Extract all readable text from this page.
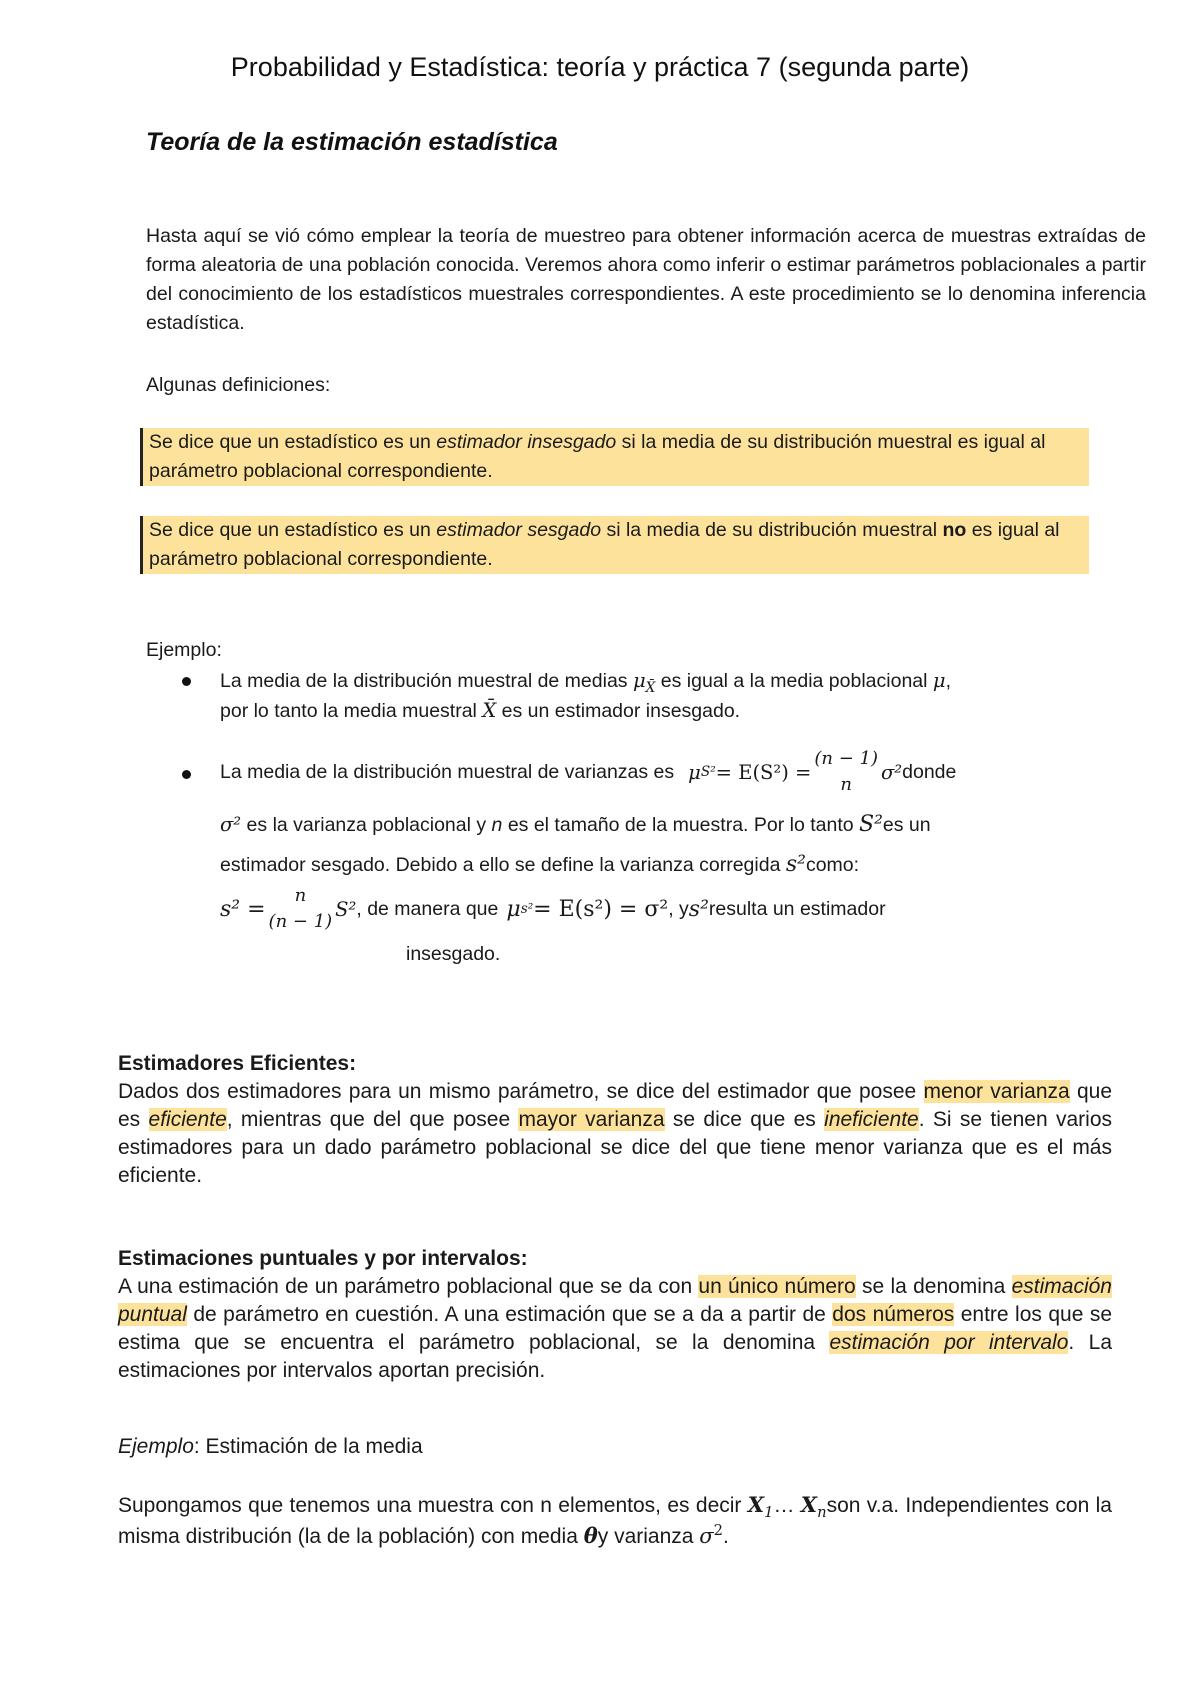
Probabilidad y Estadística: teoría y práctica 7 (segunda parte)
Teoría de la estimación estadística
Hasta aquí se vió cómo emplear la teoría de muestreo para obtener información acerca de muestras extraídas de forma aleatoria de una población conocida. Veremos ahora como inferir o estimar parámetros poblacionales a partir del conocimiento de los estadísticos muestrales correspondientes. A este procedimiento se lo denomina inferencia estadística.
Algunas definiciones:
Se dice que un estadístico es un estimador insesgado si la media de su distribución muestral es igual al parámetro poblacional correspondiente.
Se dice que un estadístico es un estimador sesgado si la media de su distribución muestral no es igual al parámetro poblacional correspondiente.
Ejemplo:
La media de la distribución muestral de medias $\mu_{X̄}$ es igual a la media poblacional μ,
por lo tanto la media muestral X̄ es un estimador insesgado.
La media de la distribución muestral de varianzas es μ S² = E(S²) =
(n − 1)
n
σ² donde
σ² es la varianza poblacional y n es el tamaño de la muestra. Por lo tanto S²es un
estimador sesgado. Debido a ello se define la varianza corregida s²como:
s² =
n
(n − 1)
S² , de manera que μ s² = E(s²) = σ² , y s² resulta un estimador
insesgado.
Estimadores Eficientes:
Dados dos estimadores para un mismo parámetro, se dice del estimador que posee menor varianza que es eficiente, mientras que del que posee mayor varianza se dice que es ineficiente. Si se tienen varios estimadores para un dado parámetro poblacional se dice del que tiene menor varianza que es el más eficiente.
Estimaciones puntuales y por intervalos:
A una estimación de un parámetro poblacional que se da con un único número se la denomina estimación puntual de parámetro en cuestión. A una estimación que se a da a partir de dos números entre los que se estima que se encuentra el parámetro poblacional, se la denomina estimación por intervalo. La estimaciones por intervalos aportan precisión.
Ejemplo: Estimación de la media
Supongamos que tenemos una muestra con n elementos, es decir $X_1\dots$ $X_nson$ v.a. Independientes con la misma distribución (la de la población) con media θy varianza $\sigma^2$.
